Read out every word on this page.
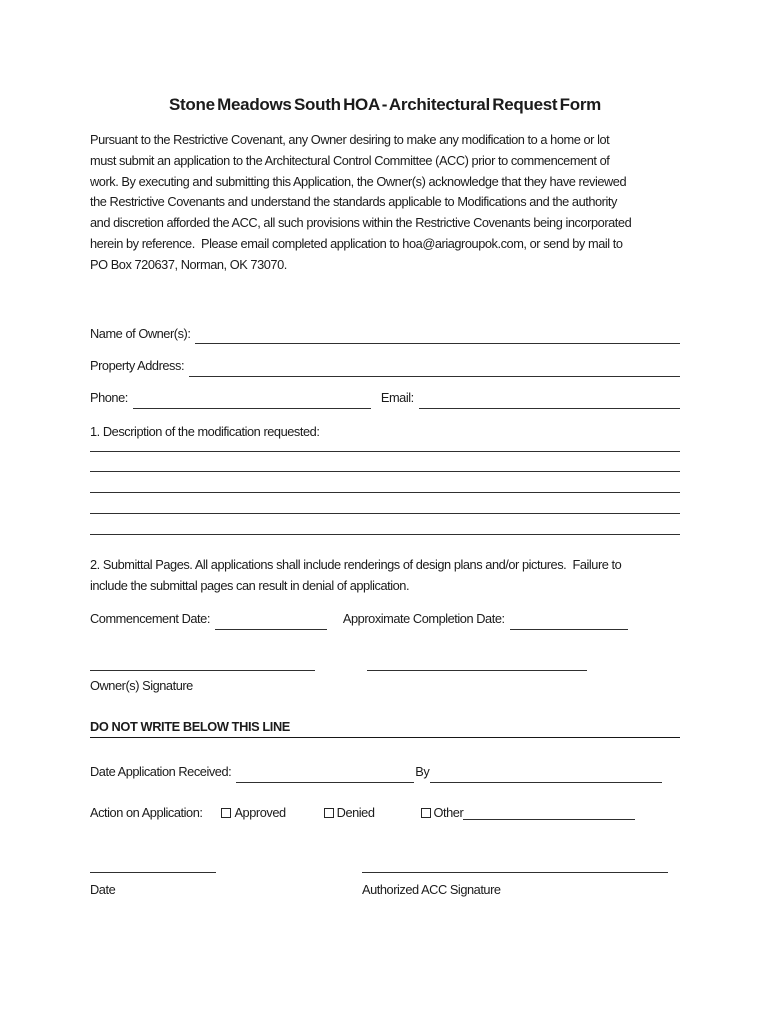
Stone Meadows South HOA - Architectural Request Form
Pursuant to the Restrictive Covenant, any Owner desiring to make any modification to a home or lot
must submit an application to the Architectural Control Committee (ACC) prior to commencement of
work. By executing and submitting this Application, the Owner(s) acknowledge that they have reviewed
the Restrictive Covenants and understand the standards applicable to Modifications and the authority
and discretion afforded the ACC, all such provisions within the Restrictive Covenants being incorporated
herein by reference.  Please email completed application to hoa@ariagroupok.com, or send by mail to
PO Box 720637, Norman, OK 73070.
Name of Owner(s):
Property Address:
Phone:	Email:
1. Description of the modification requested:
2. Submittal Pages. All applications shall include renderings of design plans and/or pictures.  Failure to
include the submittal pages can result in denial of application.
Commencement Date:	Approximate Completion Date:
Owner(s) Signature
DO NOT WRITE BELOW THIS LINE
Date Application Received:	By
Action on Application:	Approved	Denied	Other
Date	Authorized ACC Signature
